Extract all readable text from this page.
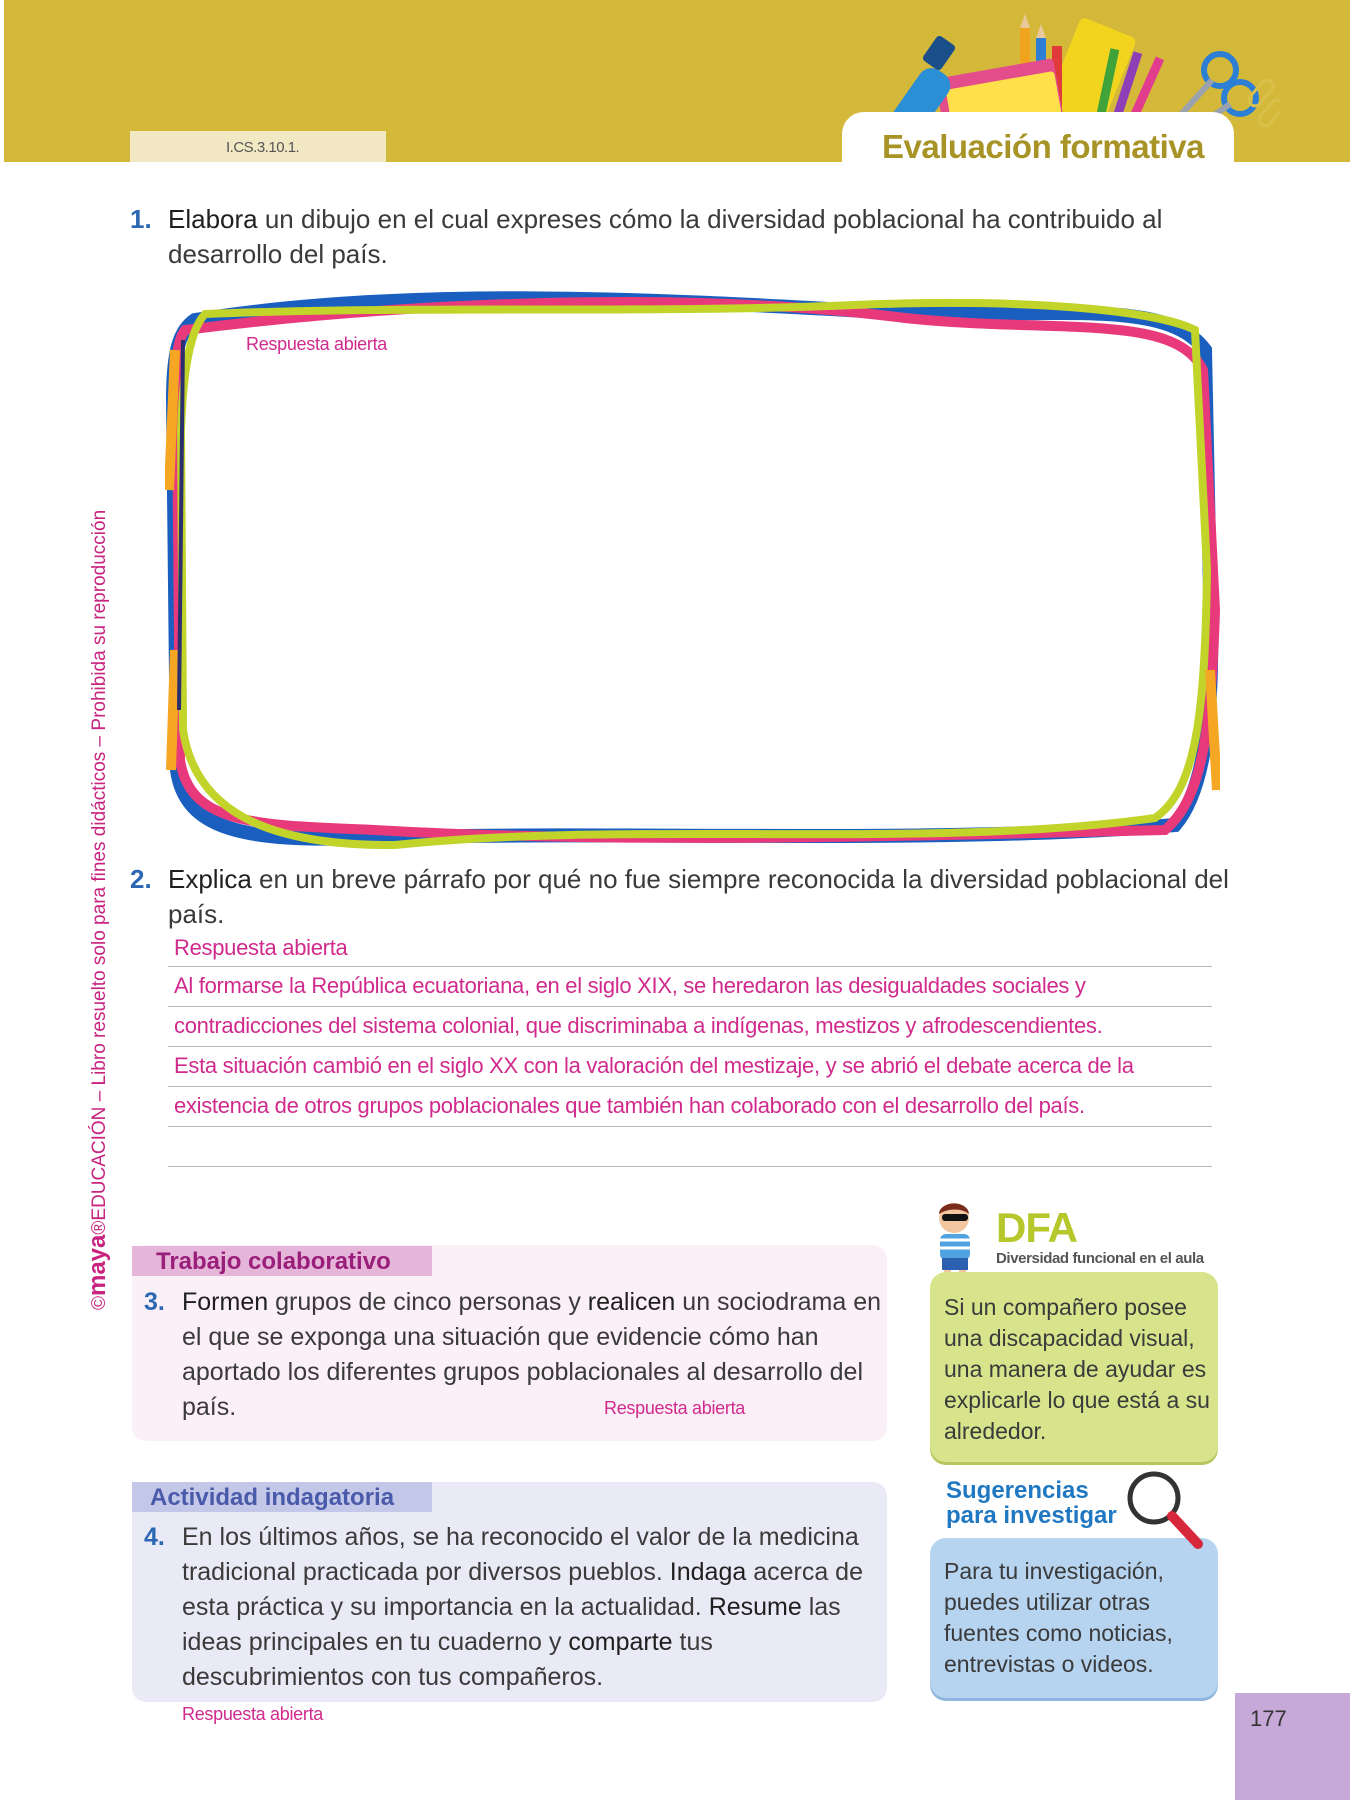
I.CS.3.10.1.	Evaluación formativa
©maya®EDUCACIÓN – Libro resuelto solo para fines didácticos – Prohibida su reproducción
1. Elabora un dibujo en el cual expreses cómo la diversidad poblacional ha contribuido al desarrollo del país.
Respuesta abierta
2. Explica en un breve párrafo por qué no fue siempre reconocida la diversidad poblacional del país.
Respuesta abierta
Al formarse la República ecuatoriana, en el siglo XIX, se heredaron las desigualdades sociales y
contradicciones del sistema colonial, que discriminaba a indígenas, mestizos y afrodescendientes.
Esta situación cambió en el siglo XX con la valoración del mestizaje, y se abrió el debate acerca de la
existencia de otros grupos poblacionales que también han colaborado con el desarrollo del país.
Trabajo colaborativo
3. Formen grupos de cinco personas y realicen un sociodrama en el que se exponga una situación que evidencie cómo han aportado los diferentes grupos poblacionales al desarrollo del país.	Respuesta abierta
Actividad indagatoria
4. En los últimos años, se ha reconocido el valor de la medicina tradicional practicada por diversos pueblos. Indaga acerca de esta práctica y su importancia en la actualidad. Resume las ideas principales en tu cuaderno y comparte tus descubrimientos con tus compañeros.
Respuesta abierta
DFA
Diversidad funcional en el aula
Si un compañero posee una discapacidad visual, una manera de ayudar es explicarle lo que está a su alrededor.
Sugerencias
para investigar
Para tu investigación, puedes utilizar otras fuentes como noticias, entrevistas o videos.
177
